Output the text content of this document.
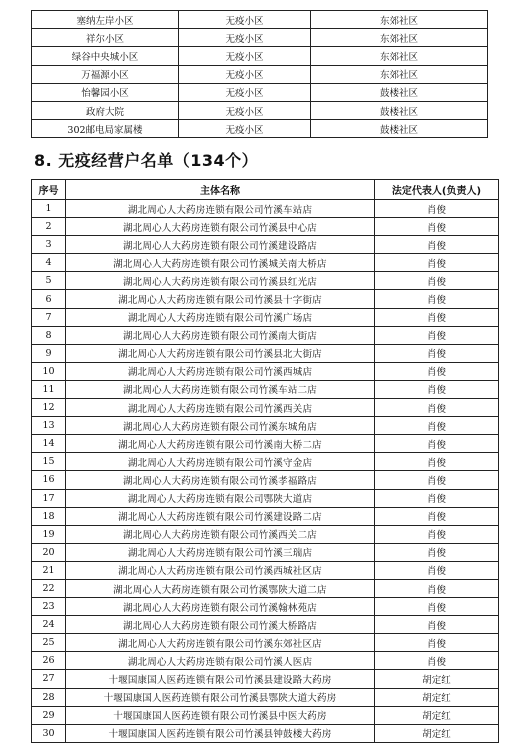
塞纳左岸小区	无疫小区	东郊社区
祥尔小区	无疫小区	东郊社区
绿谷中央城小区	无疫小区	东郊社区
万福源小区	无疫小区	东郊社区
怡馨园小区	无疫小区	鼓楼社区
政府大院	无疫小区	鼓楼社区
302邮电局家属楼	无疫小区	鼓楼社区
8. 无疫经营户名单（134个）
序号	主体名称	法定代表人(负责人)
1	湖北周心人大药房连锁有限公司竹溪车站店	肖俊
2	湖北周心人大药房连锁有限公司竹溪县中心店	肖俊
3	湖北周心人大药房连锁有限公司竹溪建设路店	肖俊
4	湖北周心人大药房连锁有限公司竹溪城关南大桥店	肖俊
5	湖北周心人大药房连锁有限公司竹溪县红光店	肖俊
6	湖北周心人大药房连锁有限公司竹溪县十字街店	肖俊
7	湖北周心人大药房连锁有限公司竹溪广场店	肖俊
8	湖北周心人大药房连锁有限公司竹溪南大街店	肖俊
9	湖北周心人大药房连锁有限公司竹溪县北大街店	肖俊
10	湖北周心人大药房连锁有限公司竹溪西城店	肖俊
11	湖北周心人大药房连锁有限公司竹溪车站二店	肖俊
12	湖北周心人大药房连锁有限公司竹溪西关店	肖俊
13	湖北周心人大药房连锁有限公司竹溪东城角店	肖俊
14	湖北周心人大药房连锁有限公司竹溪南大桥二店	肖俊
15	湖北周心人大药房连锁有限公司竹溪守金店	肖俊
16	湖北周心人大药房连锁有限公司竹溪孝福路店	肖俊
17	湖北周心人大药房连锁有限公司鄂陕大道店	肖俊
18	湖北周心人大药房连锁有限公司竹溪建设路二店	肖俊
19	湖北周心人大药房连锁有限公司竹溪西关二店	肖俊
20	湖北周心人大药房连锁有限公司竹溪三瑞店	肖俊
21	湖北周心人大药房连锁有限公司竹溪西城社区店	肖俊
22	湖北周心人大药房连锁有限公司竹溪鄂陕大道二店	肖俊
23	湖北周心人大药房连锁有限公司竹溪翰林苑店	肖俊
24	湖北周心人大药房连锁有限公司竹溪大桥路店	肖俊
25	湖北周心人大药房连锁有限公司竹溪东郊社区店	肖俊
26	湖北周心人大药房连锁有限公司竹溪人医店	肖俊
27	十堰国康国人医药连锁有限公司竹溪县建设路大药房	胡定红
28	十堰国康国人医药连锁有限公司竹溪县鄂陕大道大药房	胡定红
29	十堰国康国人医药连锁有限公司竹溪县中医大药房	胡定红
30	十堰国康国人医药连锁有限公司竹溪县钟鼓楼大药房	胡定红
